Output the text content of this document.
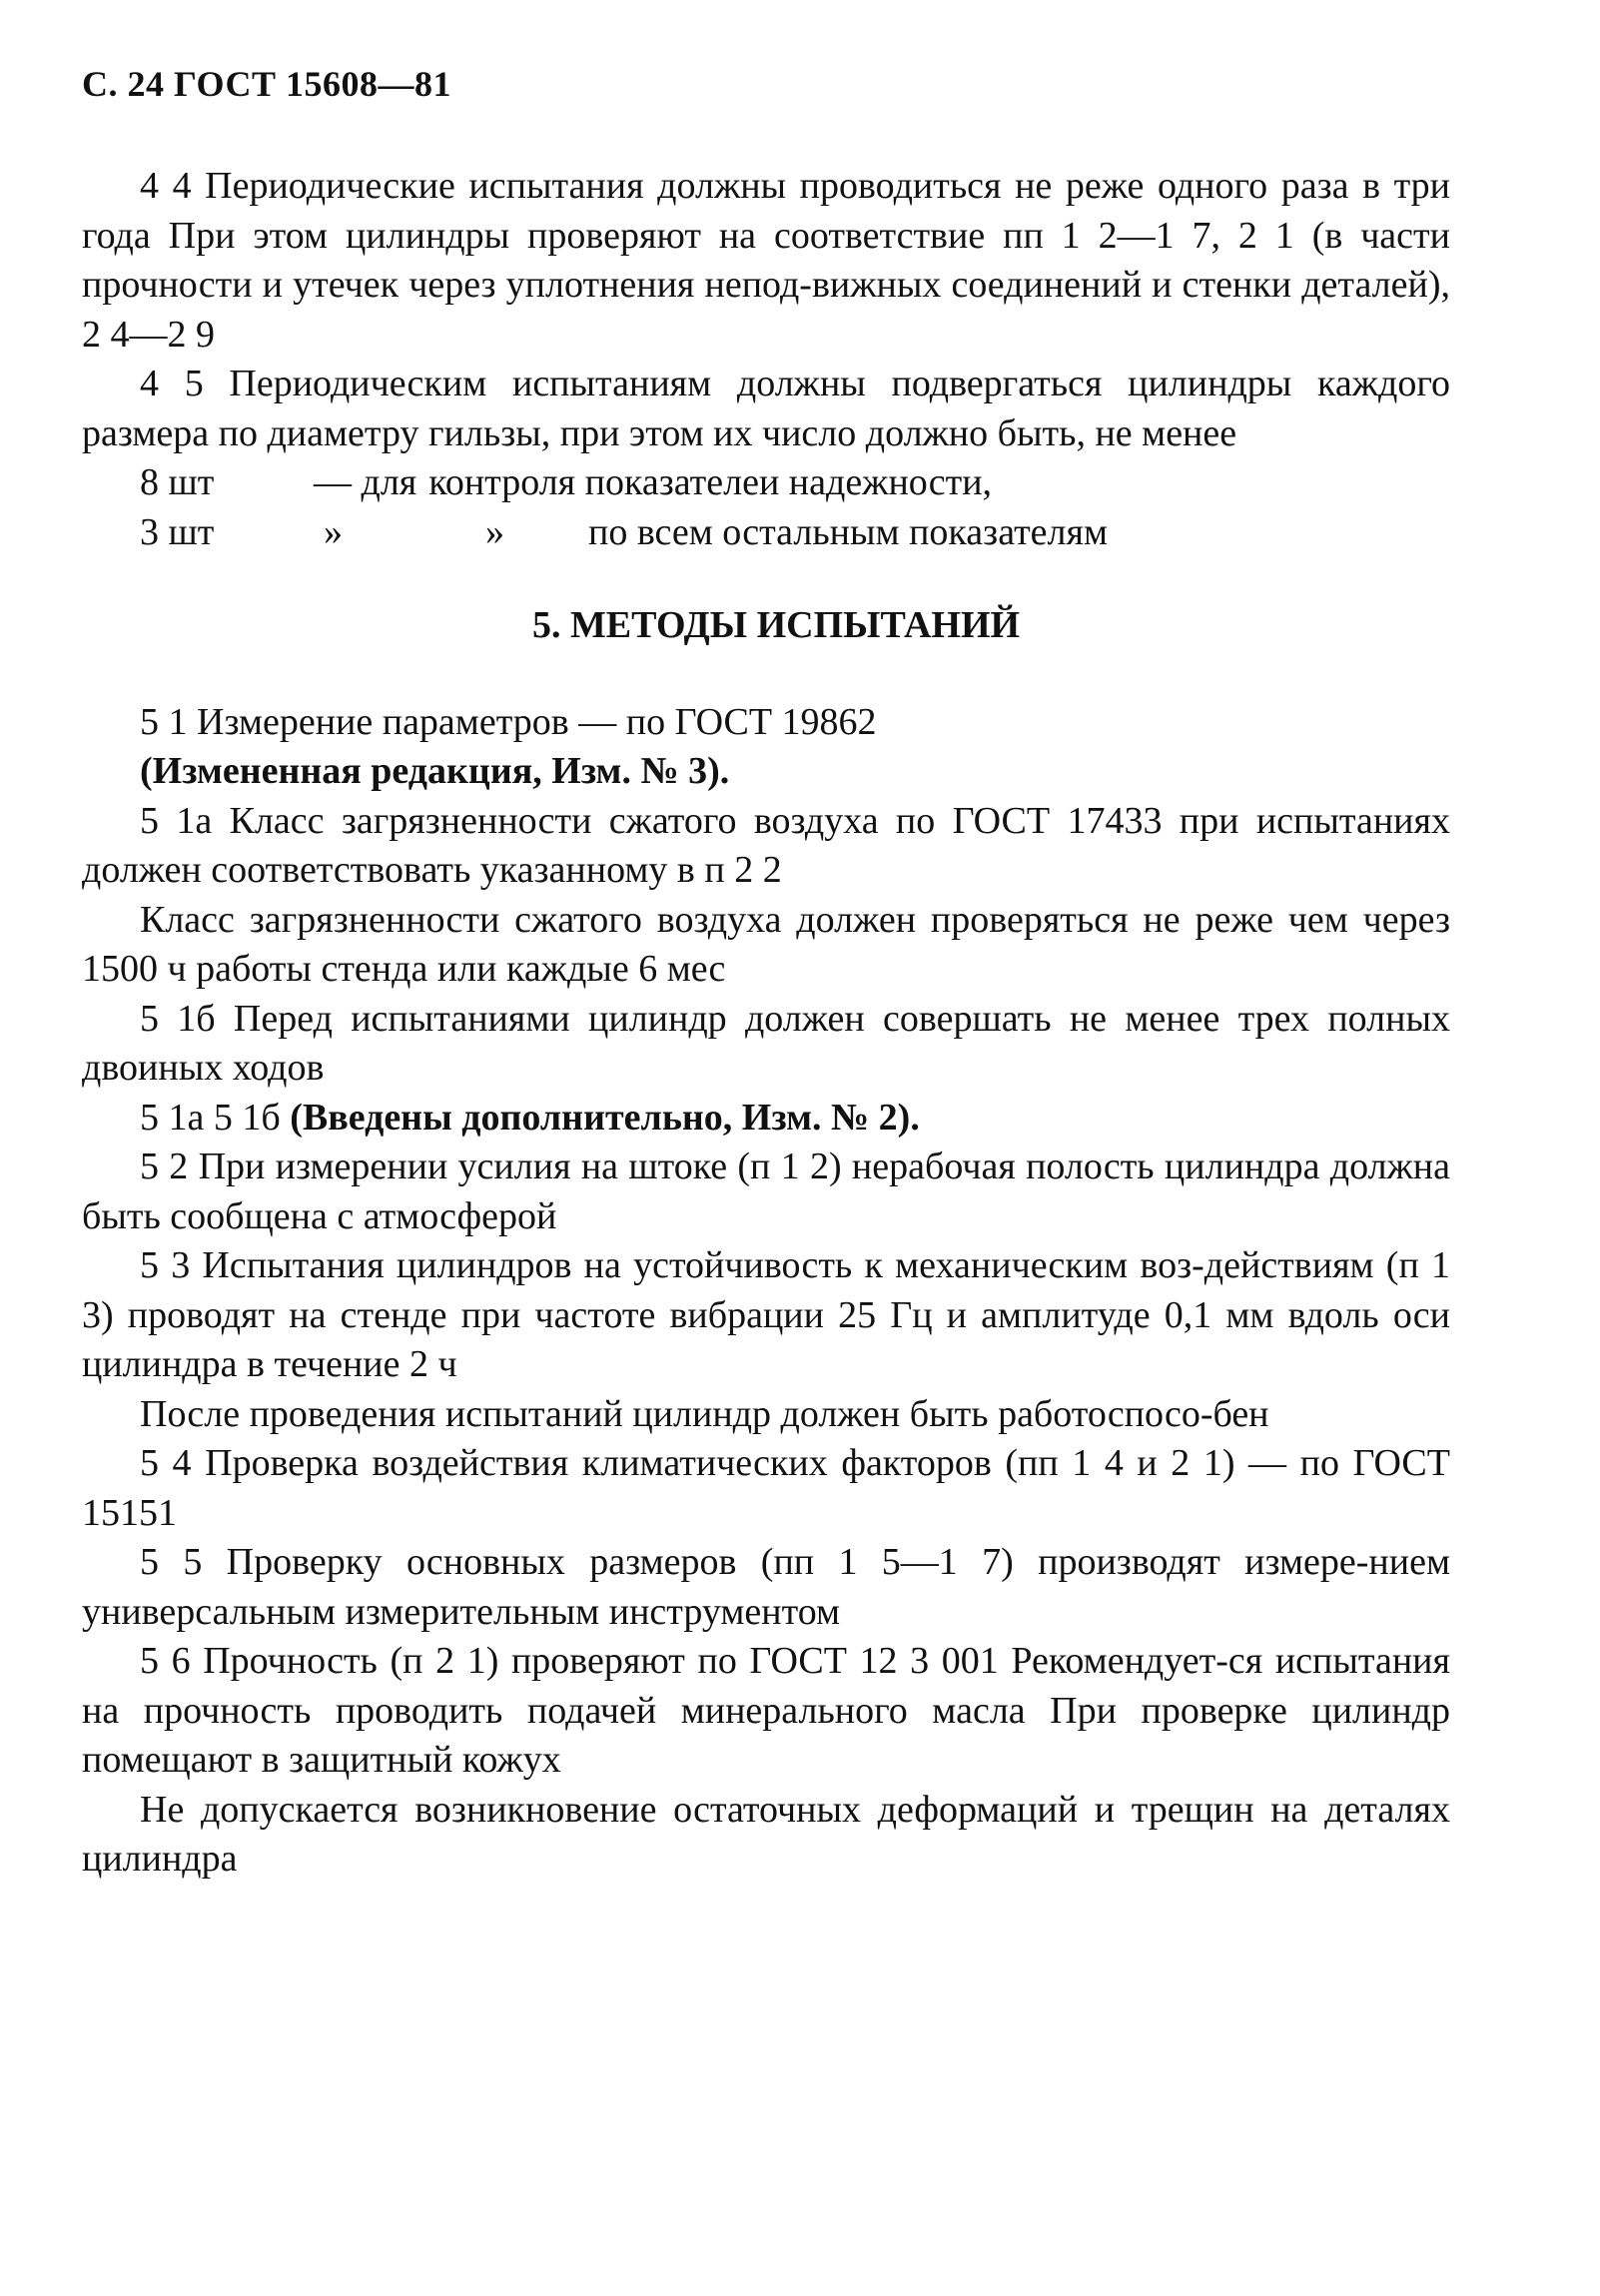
С. 24 ГОСТ 15608—81

4 4 Периодические испытания должны проводиться не реже одного раза в три года При этом цилиндры проверяют на соответствие пп 1 2—1 7, 2 1 (в части прочности и утечек через уплотнения непод-вижных соединений и стенки деталей), 2 4—2 9

4 5 Периодическим испытаниям должны подвергаться цилиндры каждого размера по диаметру гильзы, при этом их число должно быть, не менее

8 шт	— для контроля показателеи надежности,
3 шт	»	»	по всем остальным показателям
5. МЕТОДЫ ИСПЫТАНИЙ

5 1 Измерение параметров — по ГОСТ 19862

(Измененная редакция, Изм. № 3).

5 1а Класс загрязненности сжатого воздуха по ГОСТ 17433 при испытаниях должен соответствовать указанному в п 2 2

Класс загрязненности сжатого воздуха должен проверяться не реже чем через 1500 ч работы стенда или каждые 6 мес

5 1б Перед испытаниями цилиндр должен совершать не менее трех полных двоиных ходов

5 1а 5 1б (Введены дополнительно, Изм. № 2).

5 2 При измерении усилия на штоке (п 1 2) нерабочая полость цилиндра должна быть сообщена с атмосферой

5 3 Испытания цилиндров на устойчивость к механическим воз-действиям (п 1 3) проводят на стенде при частоте вибрации 25 Гц и амплитуде 0,1 мм вдоль оси цилиндра в течение 2 ч

После проведения испытаний цилиндр должен быть работоспосо-бен

5 4 Проверка воздействия климатических факторов (пп 1 4 и 2 1) — по ГОСТ 15151

5 5 Проверку основных размеров (пп 1 5—1 7) производят измере-нием универсальным измерительным инструментом

5 6 Прочность (п 2 1) проверяют по ГОСТ 12 3 001 Рекомендует-ся испытания на прочность проводить подачей минерального масла При проверке цилиндр помещают в защитный кожух

Не допускается возникновение остаточных деформаций и трещин на деталях цилиндра
